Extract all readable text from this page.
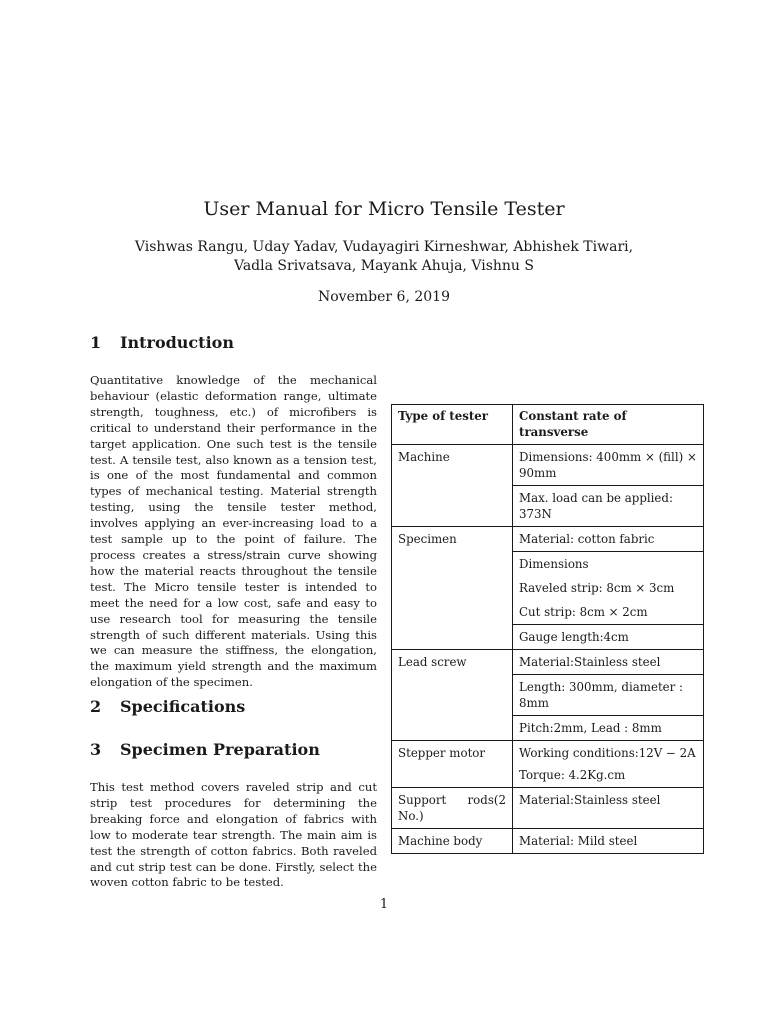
User Manual for Micro Tensile Tester
Vishwas Rangu, Uday Yadav, Vudayagiri Kirneshwar, Abhishek Tiwari,
Vadla Srivatsava, Mayank Ahuja, Vishnu S
November 6, 2019
1 Introduction
Quantitative knowledge of the mechanical behaviour (elastic deformation range, ultimate strength, toughness, etc.) of microfibers is critical to understand their performance in the target application. One such test is the tensile test. A tensile test, also known as a tension test, is one of the most fundamental and common types of mechanical testing. Material strength testing, using the tensile tester method, involves applying an ever-increasing load to a test sample up to the point of failure. The process creates a stress/strain curve showing how the material reacts throughout the tensile test. The Micro tensile tester is intended to meet the need for a low cost, safe and easy to use research tool for measuring the tensile strength of such different materials. Using this we can measure the stiffness, the elongation, the maximum yield strength and the maximum elongation of the specimen.
2 Specifications
3 Specimen Preparation
This test method covers raveled strip and cut strip test procedures for determining the breaking force and elongation of fabrics with low to moderate tear strength. The main aim is test the strength of cotton fabrics. Both raveled and cut strip test can be done. Firstly, select the woven cotton fabric to be tested.
Type of tester	Constant rate of transverse
Machine	Dimensions: 400mm × (fill) × 90mm
	Max. load can be applied: 373N
Specimen	Material: cotton fabric
	Dimensions
	Raveled strip: 8cm × 3cm
	Cut strip: 8cm × 2cm
	Gauge length:4cm
Lead screw	Material:Stainless steel
	Length: 300mm, diameter : 8mm
	Pitch:2mm, Lead : 8mm
Stepper motor	Working conditions:12V − 2A
Torque: 4.2Kg.cm

Support rods(2 No.)	Material:Stainless steel
Machine body	Material: Mild steel
1
